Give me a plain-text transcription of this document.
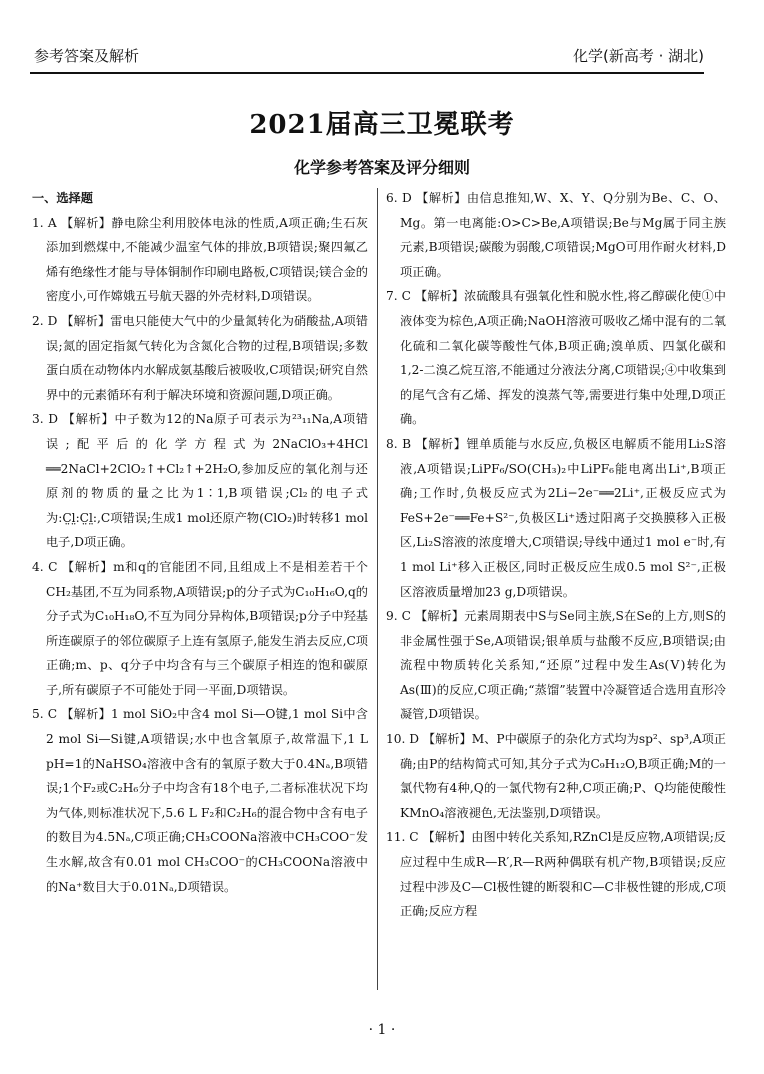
参考答案及解析	化学(新高考 · 湖北)
2021届高三卫冕联考
化学参考答案及评分细则
一、选择题

1. A 【解析】静电除尘利用胶体电泳的性质,A项正确;生石灰添加到燃煤中,不能减少温室气体的排放,B项错误;聚四氟乙烯有绝缘性才能与导体铜制作印刷电路板,C项错误;镁合金的密度小,可作嫦娥五号航天器的外壳材料,D项错误。

2. D 【解析】雷电只能使大气中的少量氮转化为硝酸盐,A项错误;氮的固定指氮气转化为含氮化合物的过程,B项错误;多数蛋白质在动物体内水解成氨基酸后被吸收,C项错误;研究自然界中的元素循环有利于解决环境和资源问题,D项正确。

3. D 【解析】中子数为12的Na原子可表示为²³₁₁Na,A项错误;配平后的化学方程式为2NaClO₃+4HCl ══2NaCl+2ClO₂↑+Cl₂↑+2H₂O,参加反应的氧化剂与还原剂的物质的量之比为1∶1,B项错误;Cl₂的电子式为:C̤l̤:C̤l̤:,C项错误;生成1 mol还原产物(ClO₂)时转移1 mol电子,D项正确。

4. C 【解析】m和q的官能团不同,且组成上不是相差若干个CH₂基团,不互为同系物,A项错误;p的分子式为C₁₀H₁₆O,q的分子式为C₁₀H₁₈O,不互为同分异构体,B项错误;p分子中羟基所连碳原子的邻位碳原子上连有氢原子,能发生消去反应,C项正确;m、p、q分子中均含有与三个碳原子相连的饱和碳原子,所有碳原子不可能处于同一平面,D项错误。

5. C 【解析】1 mol SiO₂中含4 mol Si—O键,1 mol Si中含2 mol Si—Si键,A项错误;水中也含氧原子,故常温下,1 L pH=1的NaHSO₄溶液中含有的氧原子数大于0.4Nₐ,B项错误;1个F₂或C₂H₆分子中均含有18个电子,二者标准状况下均为气体,则标准状况下,5.6 L F₂和C₂H₆的混合物中含有电子的数目为4.5Nₐ,C项正确;CH₃COONa溶液中CH₃COO⁻发生水解,故含有0.01 mol CH₃COO⁻的CH₃COONa溶液中的Na⁺数目大于0.01Nₐ,D项错误。

6. D 【解析】由信息推知,W、X、Y、Q分别为Be、C、O、Mg。第一电离能:O>C>Be,A项错误;Be与Mg属于同主族元素,B项错误;碳酸为弱酸,C项错误;MgO可用作耐火材料,D项正确。

7. C 【解析】浓硫酸具有强氧化性和脱水性,将乙醇碳化使①中液体变为棕色,A项正确;NaOH溶液可吸收乙烯中混有的二氧化硫和二氧化碳等酸性气体,B项正确;溴单质、四氯化碳和1,2-二溴乙烷互溶,不能通过分液法分离,C项错误;④中收集到的尾气含有乙烯、挥发的溴蒸气等,需要进行集中处理,D项正确。

8. B 【解析】锂单质能与水反应,负极区电解质不能用Li₂S溶液,A项错误;LiPF₆/SO(CH₃)₂中LiPF₆能电离出Li⁺,B项正确;工作时,负极反应式为2Li−2e⁻══2Li⁺,正极反应式为FeS+2e⁻══Fe+S²⁻,负极区Li⁺透过阳离子交换膜移入正极区,Li₂S溶液的浓度增大,C项错误;导线中通过1 mol e⁻时,有1 mol Li⁺移入正极区,同时正极反应生成0.5 mol S²⁻,正极区溶液质量增加23 g,D项错误。

9. C 【解析】元素周期表中S与Se同主族,S在Se的上方,则S的非金属性强于Se,A项错误;银单质与盐酸不反应,B项错误;由流程中物质转化关系知,“还原”过程中发生As(Ⅴ)转化为As(Ⅲ)的反应,C项正确;“蒸馏”装置中冷凝管适合选用直形冷凝管,D项错误。

10. D 【解析】M、P中碳原子的杂化方式均为sp²、sp³,A项正确;由P的结构简式可知,其分子式为C₉H₁₂O,B项正确;M的一氯代物有4种,Q的一氯代物有2种,C项正确;P、Q均能使酸性KMnO₄溶液褪色,无法鉴别,D项错误。

11. C 【解析】由图中转化关系知,RZnCl是反应物,A项错误;反应过程中生成R—R′,R—R两种偶联有机产物,B项错误;反应过程中涉及C—Cl极性键的断裂和C—C非极性键的形成,C项正确;反应方程

· 1 ·
